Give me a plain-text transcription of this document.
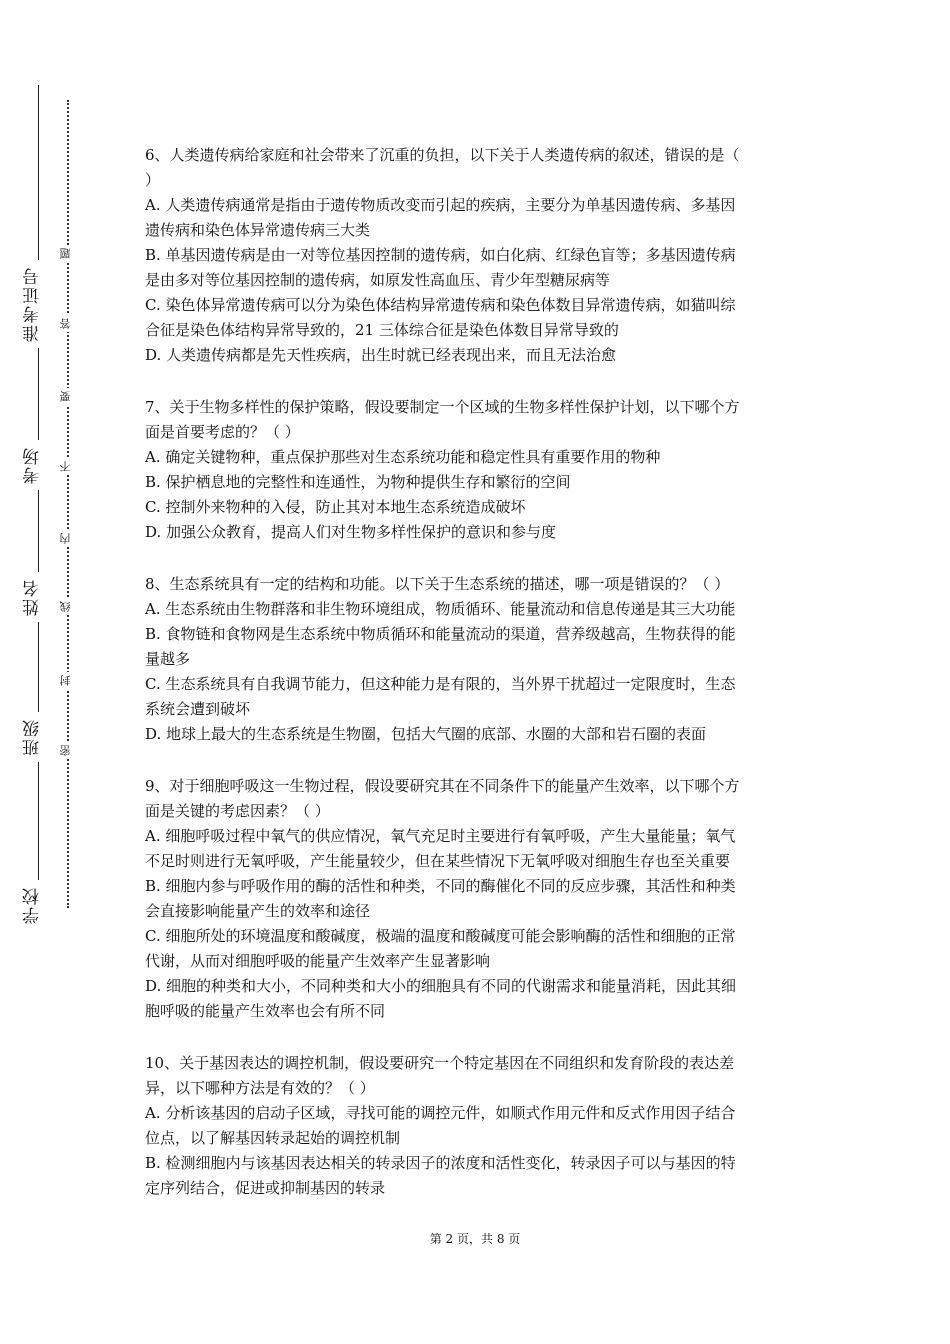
准考证号
考场
姓名
班级
学校
题
答
要
不
内
线
封
密

6、人类遗传病给家庭和社会带来了沉重的负担，以下关于人类遗传病的叙述，错误的是（

）

A. 人类遗传病通常是指由于遗传物质改变而引起的疾病，主要分为单基因遗传病、多基因

遗传病和染色体异常遗传病三大类

B. 单基因遗传病是由一对等位基因控制的遗传病，如白化病、红绿色盲等；多基因遗传病

是由多对等位基因控制的遗传病，如原发性高血压、青少年型糖尿病等

C. 染色体异常遗传病可以分为染色体结构异常遗传病和染色体数目异常遗传病，如猫叫综

合征是染色体结构异常导致的，21 三体综合征是染色体数目异常导致的

D. 人类遗传病都是先天性疾病，出生时就已经表现出来，而且无法治愈

7、关于生物多样性的保护策略，假设要制定一个区域的生物多样性保护计划，以下哪个方

面是首要考虑的？（ ）

A. 确定关键物种，重点保护那些对生态系统功能和稳定性具有重要作用的物种

B. 保护栖息地的完整性和连通性，为物种提供生存和繁衍的空间

C. 控制外来物种的入侵，防止其对本地生态系统造成破坏

D. 加强公众教育，提高人们对生物多样性保护的意识和参与度

8、生态系统具有一定的结构和功能。以下关于生态系统的描述，哪一项是错误的？（ ）

A. 生态系统由生物群落和非生物环境组成，物质循环、能量流动和信息传递是其三大功能

B. 食物链和食物网是生态系统中物质循环和能量流动的渠道，营养级越高，生物获得的能

量越多

C. 生态系统具有自我调节能力，但这种能力是有限的，当外界干扰超过一定限度时，生态

系统会遭到破坏

D. 地球上最大的生态系统是生物圈，包括大气圈的底部、水圈的大部和岩石圈的表面

9、对于细胞呼吸这一生物过程，假设要研究其在不同条件下的能量产生效率，以下哪个方

面是关键的考虑因素？（ ）

A. 细胞呼吸过程中氧气的供应情况，氧气充足时主要进行有氧呼吸，产生大量能量；氧气

不足时则进行无氧呼吸，产生能量较少，但在某些情况下无氧呼吸对细胞生存也至关重要

B. 细胞内参与呼吸作用的酶的活性和种类，不同的酶催化不同的反应步骤，其活性和种类

会直接影响能量产生的效率和途径

C. 细胞所处的环境温度和酸碱度，极端的温度和酸碱度可能会影响酶的活性和细胞的正常

代谢，从而对细胞呼吸的能量产生效率产生显著影响

D. 细胞的种类和大小，不同种类和大小的细胞具有不同的代谢需求和能量消耗，因此其细

胞呼吸的能量产生效率也会有所不同

10、关于基因表达的调控机制，假设要研究一个特定基因在不同组织和发育阶段的表达差

异，以下哪种方法是有效的？（ ）

A. 分析该基因的启动子区域，寻找可能的调控元件，如顺式作用元件和反式作用因子结合

位点，以了解基因转录起始的调控机制

B. 检测细胞内与该基因表达相关的转录因子的浓度和活性变化，转录因子可以与基因的特

定序列结合，促进或抑制基因的转录

第 2 页，共 8 页
